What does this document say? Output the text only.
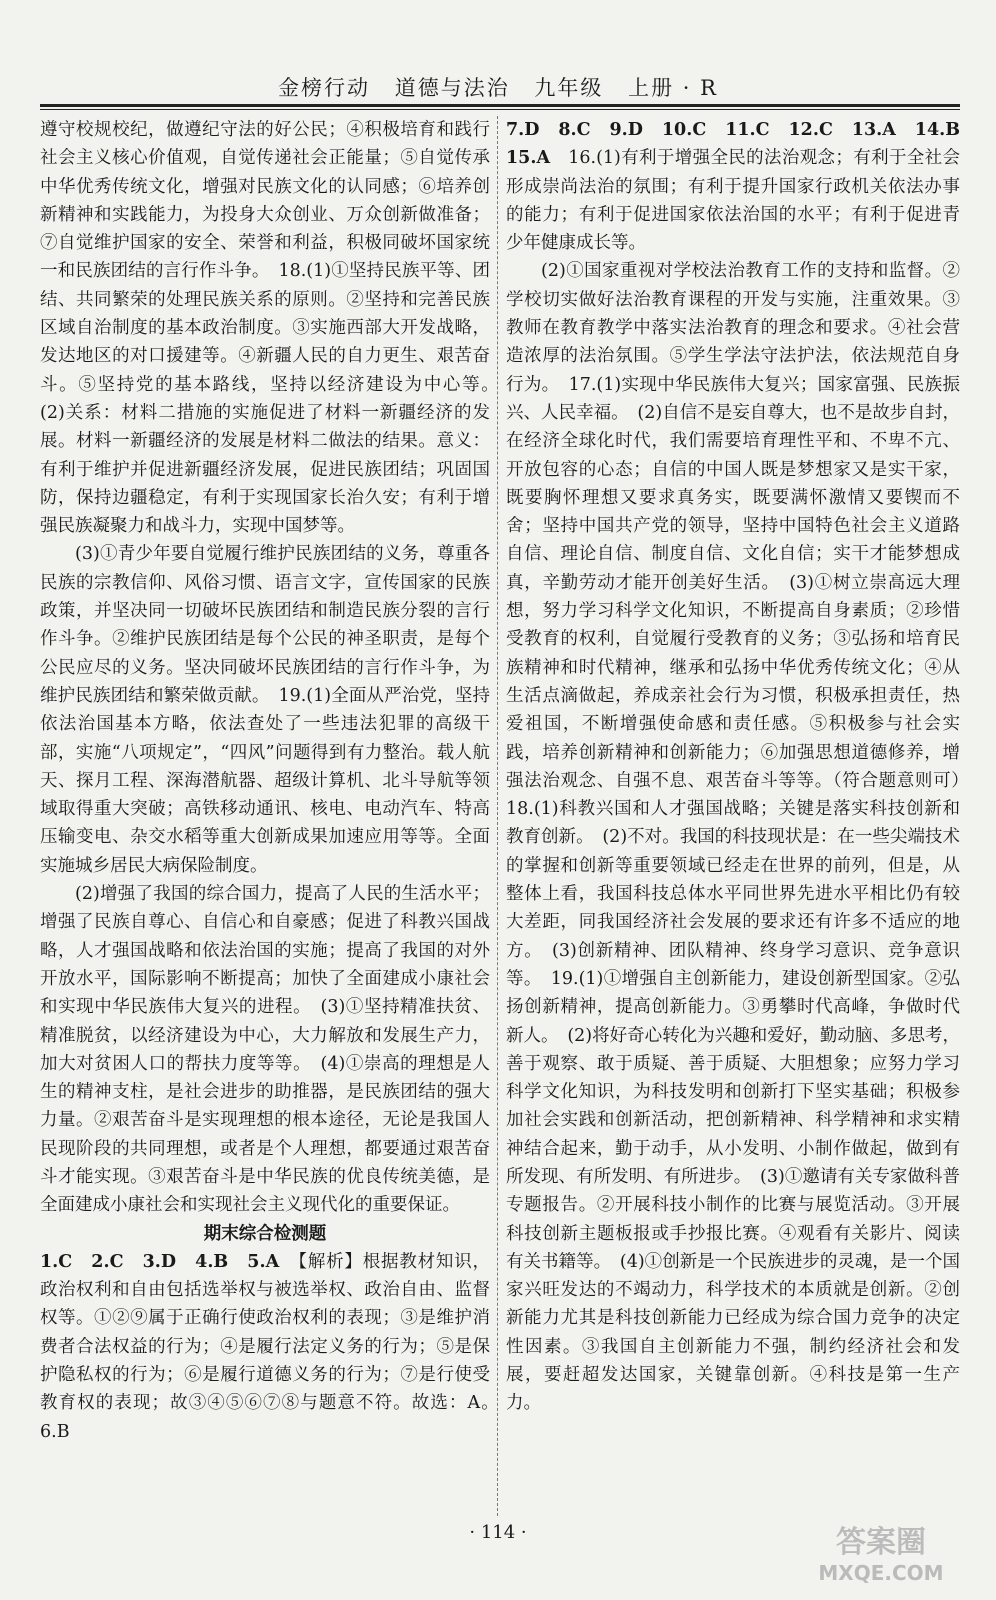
金榜行动 道德与法治 九年级 上册 · R

遵守校规校纪，做遵纪守法的好公民；④积极培育和践行社会主义核心价值观，自觉传递社会正能量；⑤自觉传承中华优秀传统文化，增强对民族文化的认同感；⑥培养创新精神和实践能力，为投身大众创业、万众创新做准备；⑦自觉维护国家的安全、荣誉和利益，积极同破坏国家统一和民族团结的言行作斗争。　18.(1)①坚持民族平等、团结、共同繁荣的处理民族关系的原则。②坚持和完善民族区域自治制度的基本政治制度。③实施西部大开发战略，发达地区的对口援建等。④新疆人民的自力更生、艰苦奋斗。⑤坚持党的基本路线，坚持以经济建设为中心等。　(2)关系：材料二措施的实施促进了材料一新疆经济的发展。材料一新疆经济的发展是材料二做法的结果。意义：有利于维护并促进新疆经济发展，促进民族团结；巩固国防，保持边疆稳定，有利于实现国家长治久安；有利于增强民族凝聚力和战斗力，实现中国梦等。

(3)①青少年要自觉履行维护民族团结的义务，尊重各民族的宗教信仰、风俗习惯、语言文字，宣传国家的民族政策，并坚决同一切破坏民族团结和制造民族分裂的言行作斗争。②维护民族团结是每个公民的神圣职责，是每个公民应尽的义务。坚决同破坏民族团结的言行作斗争，为维护民族团结和繁荣做贡献。　19.(1)全面从严治党，坚持依法治国基本方略，依法查处了一些违法犯罪的高级干部，实施“八项规定”，“四风”问题得到有力整治。载人航天、探月工程、深海潜航器、超级计算机、北斗导航等领域取得重大突破；高铁移动通讯、核电、电动汽车、特高压输变电、杂交水稻等重大创新成果加速应用等等。全面实施城乡居民大病保险制度。

(2)增强了我国的综合国力，提高了人民的生活水平；增强了民族自尊心、自信心和自豪感；促进了科教兴国战略，人才强国战略和依法治国的实施；提高了我国的对外开放水平，国际影响不断提高；加快了全面建成小康社会和实现中华民族伟大复兴的进程。　(3)①坚持精准扶贫、精准脱贫，以经济建设为中心，大力解放和发展生产力，加大对贫困人口的帮扶力度等等。　(4)①崇高的理想是人生的精神支柱，是社会进步的助推器，是民族团结的强大力量。②艰苦奋斗是实现理想的根本途径，无论是我国人民现阶段的共同理想，或者是个人理想，都要通过艰苦奋斗才能实现。③艰苦奋斗是中华民族的优良传统美德，是全面建成小康社会和实现社会主义现代化的重要保证。

期末综合检测题

1.C　2.C　3.D　4.B　5.A　 【解析】根据教材知识，政治权利和自由包括选举权与被选举权、政治自由、监督权等。①②⑨属于正确行使政治权利的表现；③是维护消费者合法权益的行为；④是履行法定义务的行为；⑤是保护隐私权的行为；⑥是履行道德义务的行为；⑦是行使受教育权的表现；故③④⑤⑥⑦⑧与题意不符。故选：A。　6.B

7.D　8.C　9.D　10.C　11.C　12.C　13.A　14.B　15.A　 16.(1)有利于增强全民的法治观念；有利于全社会形成崇尚法治的氛围；有利于提升国家行政机关依法办事的能力；有利于促进国家依法治国的水平；有利于促进青少年健康成长等。

(2)①国家重视对学校法治教育工作的支持和监督。②学校切实做好法治教育课程的开发与实施，注重效果。③教师在教育教学中落实法治教育的理念和要求。④社会营造浓厚的法治氛围。⑤学生学法守法护法，依法规范自身行为。　17.(1)实现中华民族伟大复兴；国家富强、民族振兴、人民幸福。　(2)自信不是妄自尊大，也不是故步自封，在经济全球化时代，我们需要培育理性平和、不卑不亢、开放包容的心态；自信的中国人既是梦想家又是实干家，既要胸怀理想又要求真务实，既要满怀激情又要锲而不舍；坚持中国共产党的领导，坚持中国特色社会主义道路自信、理论自信、制度自信、文化自信；实干才能梦想成真，辛勤劳动才能开创美好生活。　(3)①树立崇高远大理想，努力学习科学文化知识，不断提高自身素质；②珍惜受教育的权利，自觉履行受教育的义务；③弘扬和培育民族精神和时代精神，继承和弘扬中华优秀传统文化；④从生活点滴做起，养成亲社会行为习惯，积极承担责任，热爱祖国，不断增强使命感和责任感。⑤积极参与社会实践，培养创新精神和创新能力；⑥加强思想道德修养，增强法治观念、自强不息、艰苦奋斗等等。（符合题意则可）　18.(1)科教兴国和人才强国战略；关键是落实科技创新和教育创新。　(2)不对。我国的科技现状是：在一些尖端技术的掌握和创新等重要领域已经走在世界的前列，但是，从整体上看，我国科技总体水平同世界先进水平相比仍有较大差距，同我国经济社会发展的要求还有许多不适应的地方。　(3)创新精神、团队精神、终身学习意识、竞争意识等。　19.(1)①增强自主创新能力，建设创新型国家。②弘扬创新精神，提高创新能力。③勇攀时代高峰，争做时代新人。　(2)将好奇心转化为兴趣和爱好，勤动脑、多思考，善于观察、敢于质疑、善于质疑、大胆想象；应努力学习科学文化知识，为科技发明和创新打下坚实基础；积极参加社会实践和创新活动，把创新精神、科学精神和求实精神结合起来，勤于动手，从小发明、小制作做起，做到有所发现、有所发明、有所进步。　(3)①邀请有关专家做科普专题报告。②开展科技小制作的比赛与展览活动。③开展科技创新主题板报或手抄报比赛。④观看有关影片、阅读有关书籍等。　(4)①创新是一个民族进步的灵魂，是一个国家兴旺发达的不竭动力，科学技术的本质就是创新。②创新能力尤其是科技创新能力已经成为综合国力竞争的决定性因素。③我国自主创新能力不强，制约经济社会和发展，要赶超发达国家，关键靠创新。④科技是第一生产力。

· 114 ·	答案圈
MXQE.COM
